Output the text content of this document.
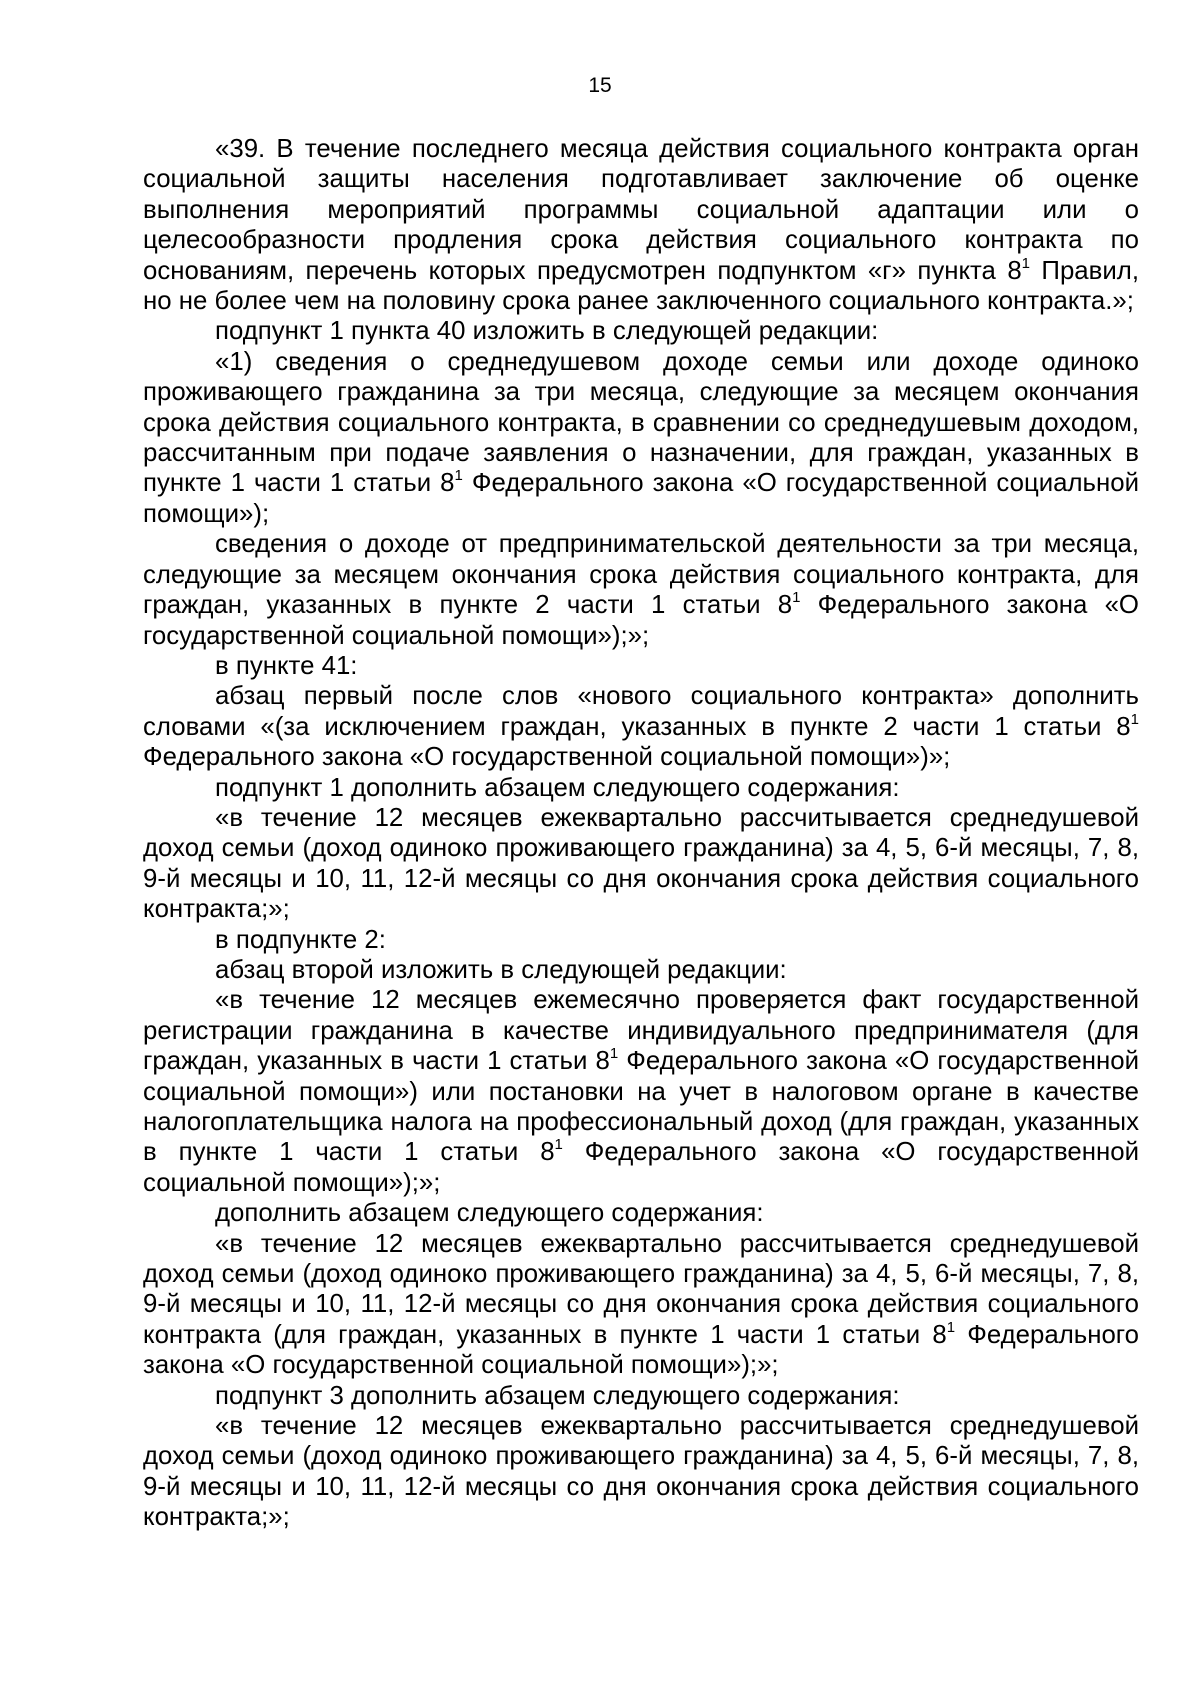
15

«39. В течение последнего месяца действия социального контракта орган социальной защиты населения подготавливает заключение об оценке выполнения мероприятий программы социальной адаптации или о целесообразности продления срока действия социального контракта по основаниям, перечень которых предусмотрен подпунктом «г» пункта $8^1$ Правил, но не более чем на половину срока ранее заключенного социального контракта.»;

подпункт 1 пункта 40 изложить в следующей редакции:

«1) сведения о среднедушевом доходе семьи или доходе одиноко проживающего гражданина за три месяца, следующие за месяцем окончания срока действия социального контракта, в сравнении со среднедушевым доходом, рассчитанным при подаче заявления о назначении, для граждан, указанных в пункте 1 части 1 статьи $8^1$ Федерального закона «О государственной социальной помощи»);

сведения о доходе от предпринимательской деятельности за три месяца, следующие за месяцем окончания срока действия социального контракта, для граждан, указанных в пункте 2 части 1 статьи $8^1$ Федерального закона «О государственной социальной помощи»);»;

в пункте 41:

абзац первый после слов «нового социального контракта» дополнить словами «(за исключением граждан, указанных в пункте 2 части 1 статьи $8^1$ Федерального закона «О государственной социальной помощи»)»;

подпункт 1 дополнить абзацем следующего содержания:

«в течение 12 месяцев ежеквартально рассчитывается среднедушевой доход семьи (доход одиноко проживающего гражданина) за 4, 5, 6-й месяцы, 7, 8, 9-й месяцы и 10, 11, 12-й месяцы со дня окончания срока действия социального контракта;»;

в подпункте 2:

абзац второй изложить в следующей редакции:

«в течение 12 месяцев ежемесячно проверяется факт государственной регистрации гражданина в качестве индивидуального предпринимателя (для граждан, указанных в части 1 статьи $8^1$ Федерального закона «О государственной социальной помощи») или постановки на учет в налоговом органе в качестве налогоплательщика налога на профессиональный доход (для граждан, указанных в пункте 1 части 1 статьи $8^1$ Федерального закона «О государственной социальной помощи»);»;

дополнить абзацем следующего содержания:

«в течение 12 месяцев ежеквартально рассчитывается среднедушевой доход семьи (доход одиноко проживающего гражданина) за 4, 5, 6-й месяцы, 7, 8, 9-й месяцы и 10, 11, 12-й месяцы со дня окончания срока действия социального контракта (для граждан, указанных в пункте 1 части 1 статьи $8^1$ Федерального закона «О государственной социальной помощи»);»;

подпункт 3 дополнить абзацем следующего содержания:

«в течение 12 месяцев ежеквартально рассчитывается среднедушевой доход семьи (доход одиноко проживающего гражданина) за 4, 5, 6-й месяцы, 7, 8, 9-й месяцы и 10, 11, 12-й месяцы со дня окончания срока действия социального контракта;»;
